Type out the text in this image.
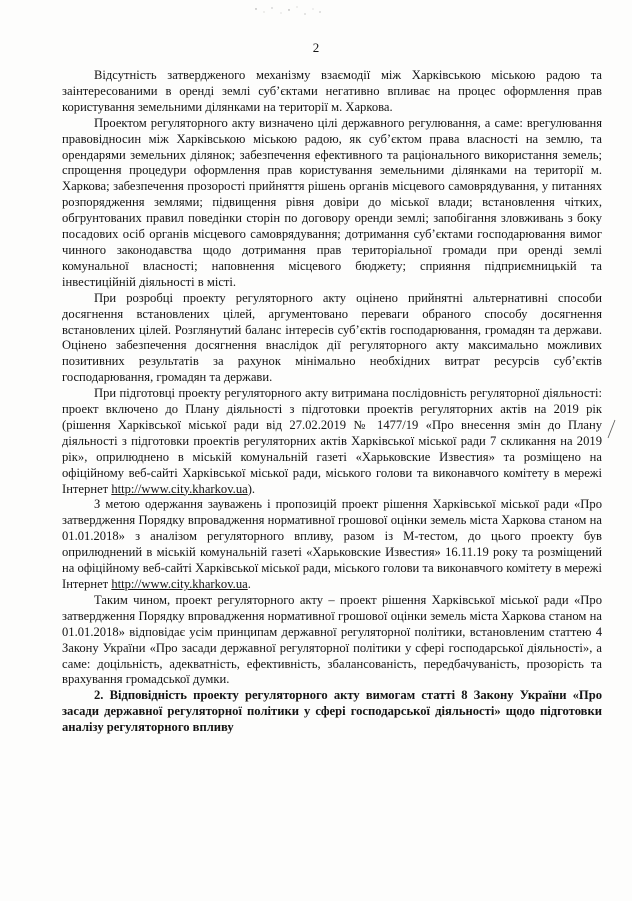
2

Відсутність затвердженого механізму взаємодії між Харківською міською радою та заінтересованими в оренді землі суб’єктами негативно впливає на процес оформлення прав користування земельними ділянками на території м. Харкова.

Проектом регуляторного акту визначено цілі державного регулювання, а саме: врегулювання правовідносин між Харківською міською радою, як суб’єктом права власності на землю, та орендарями земельних ділянок; забезпечення ефективного та раціонального використання земель; спрощення процедури оформлення прав користування земельними ділянками на території м. Харкова; забезпечення прозорості прийняття рішень органів місцевого самоврядування, у питаннях розпорядження землями; підвищення рівня довіри до міської влади; встановлення чітких, обгрунтованих правил поведінки сторін по договору оренди землі; запобігання зловживань з боку посадових осіб органів місцевого самоврядування; дотримання суб’єктами господарювання вимог чинного законодавства щодо дотримання прав територіальної громади при оренді землі комунальної власності; наповнення місцевого бюджету; сприяння підприємницькій та інвестиційній діяльності в місті.

При розробці проекту регуляторного акту оцінено прийнятні альтернативні способи досягнення встановлених цілей, аргументовано переваги обраного способу досягнення встановлених цілей. Розглянутий баланс інтересів суб’єктів господарювання, громадян та держави. Оцінено забезпечення досягнення внаслідок дії регуляторного акту максимально можливих позитивних результатів за рахунок мінімально необхідних витрат ресурсів суб’єктів господарювання, громадян та держави.

При підготовці проекту регуляторного акту витримана послідовність регуляторної діяльності: проект включено до Плану діяльності з підготовки проектів регуляторних актів на 2019 рік (рішення Харківської міської ради від 27.02.2019 № 1477/19 «Про внесення змін до Плану діяльності з підготовки проектів регуляторних актів Харківської міської ради 7 скликання на 2019 рік», оприлюднено в міській комунальній газеті «Харьковские Известия» та розміщено на офіційному веб-сайті Харківської міської ради, міського голови та виконавчого комітету в мережі Інтернет http://www.city.kharkov.ua).

З метою одержання зауважень і пропозицій проект рішення Харківської міської ради «Про затвердження Порядку впровадження нормативної грошової оцінки земель міста Харкова станом на 01.01.2018» з аналізом регуляторного впливу, разом із М-тестом, до цього проекту був оприлюднений в міській комунальній газеті «Харьковские Известия» 16.11.19 року та розміщений на офіційному веб-сайті Харківської міської ради, міського голови та виконавчого комітету в мережі Інтернет http://www.city.kharkov.ua.

Таким чином, проект регуляторного акту – проект рішення Харківської міської ради «Про затвердження Порядку впровадження нормативної грошової оцінки земель міста Харкова станом на 01.01.2018» відповідає усім принципам державної регуляторної політики, встановленим статтею 4 Закону України «Про засади державної регуляторної політики у сфері господарської діяльності», а саме: доцільність, адекватність, ефективність, збалансованість, передбачуваність, прозорість та врахування громадської думки.

2. Відповідність проекту регуляторного акту вимогам статті 8 Закону України «Про засади державної регуляторної політики у сфері господарської діяльності» щодо підготовки аналізу регуляторного впливу
